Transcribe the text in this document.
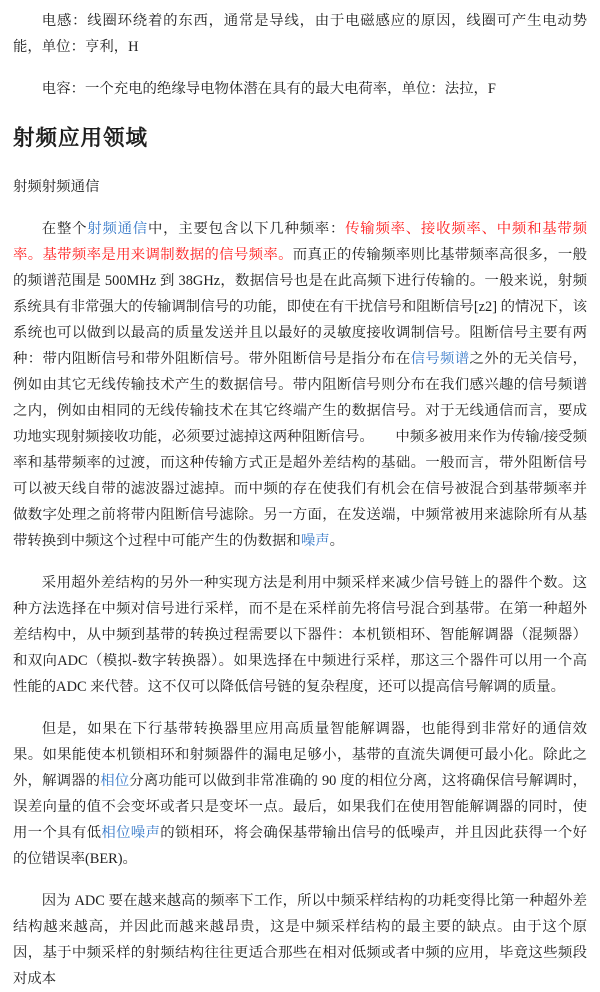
电感：线圈环绕着的东西，通常是导线，由于电磁感应的原因，线圈可产生电动势能，单位：亨利，H

电容：一个充电的绝缘导电物体潜在具有的最大电荷率，单位：法拉，F

射频应用领域
射频射频通信

在整个射频通信中，主要包含以下几种频率：传输频率、接收频率、中频和基带频率。基带频率是用来调制数据的信号频率。而真正的传输频率则比基带频率高很多，一般的频谱范围是 500MHz 到 38GHz，数据信号也是在此高频下进行传输的。一般来说，射频系统具有非常强大的传输调制信号的功能，即使在有干扰信号和阻断信号[z2] 的情况下，该系统也可以做到以最高的质量发送并且以最好的灵敏度接收调制信号。阻断信号主要有两种：带内阻断信号和带外阻断信号。带外阻断信号是指分布在信号频谱之外的无关信号，例如由其它无线传输技术产生的数据信号。带内阻断信号则分布在我们感兴趣的信号频谱之内，例如由相同的无线传输技术在其它终端产生的数据信号。对于无线通信而言，要成功地实现射频接收功能，必须要过滤掉这两种阻断信号。　　中频多被用来作为传输/接受频率和基带频率的过渡，而这种传输方式正是超外差结构的基础。一般而言，带外阻断信号可以被天线自带的滤波器过滤掉。而中频的存在使我们有机会在信号被混合到基带频率并做数字处理之前将带内阻断信号滤除。另一方面，在发送端，中频常被用来滤除所有从基带转换到中频这个过程中可能产生的伪数据和噪声。

采用超外差结构的另外一种实现方法是利用中频采样来减少信号链上的器件个数。这种方法选择在中频对信号进行采样，而不是在采样前先将信号混合到基带。在第一种超外差结构中，从中频到基带的转换过程需要以下器件：本机锁相环、智能解调器（混频器）和双向ADC（模拟-数字转换器）。如果选择在中频进行采样，那这三个器件可以用一个高性能的ADC 来代替。这不仅可以降低信号链的复杂程度，还可以提高信号解调的质量。

但是，如果在下行基带转换器里应用高质量智能解调器，也能得到非常好的通信效果。如果能使本机锁相环和射频器件的漏电足够小，基带的直流失调便可最小化。除此之外，解调器的相位分离功能可以做到非常准确的 90 度的相位分离，这将确保信号解调时，误差向量的值不会变坏或者只是变坏一点。最后，如果我们在使用智能解调器的同时，使用一个具有低相位噪声的锁相环，将会确保基带输出信号的低噪声，并且因此获得一个好的位错误率(BER)。

因为 ADC 要在越来越高的频率下工作，所以中频采样结构的功耗变得比第一种超外差结构越来越高，并因此而越来越昂贵，这是中频采样结构的最主要的缺点。由于这个原因，基于中频采样的射频结构往往更适合那些在相对低频或者中频的应用，毕竟这些频段对成本
